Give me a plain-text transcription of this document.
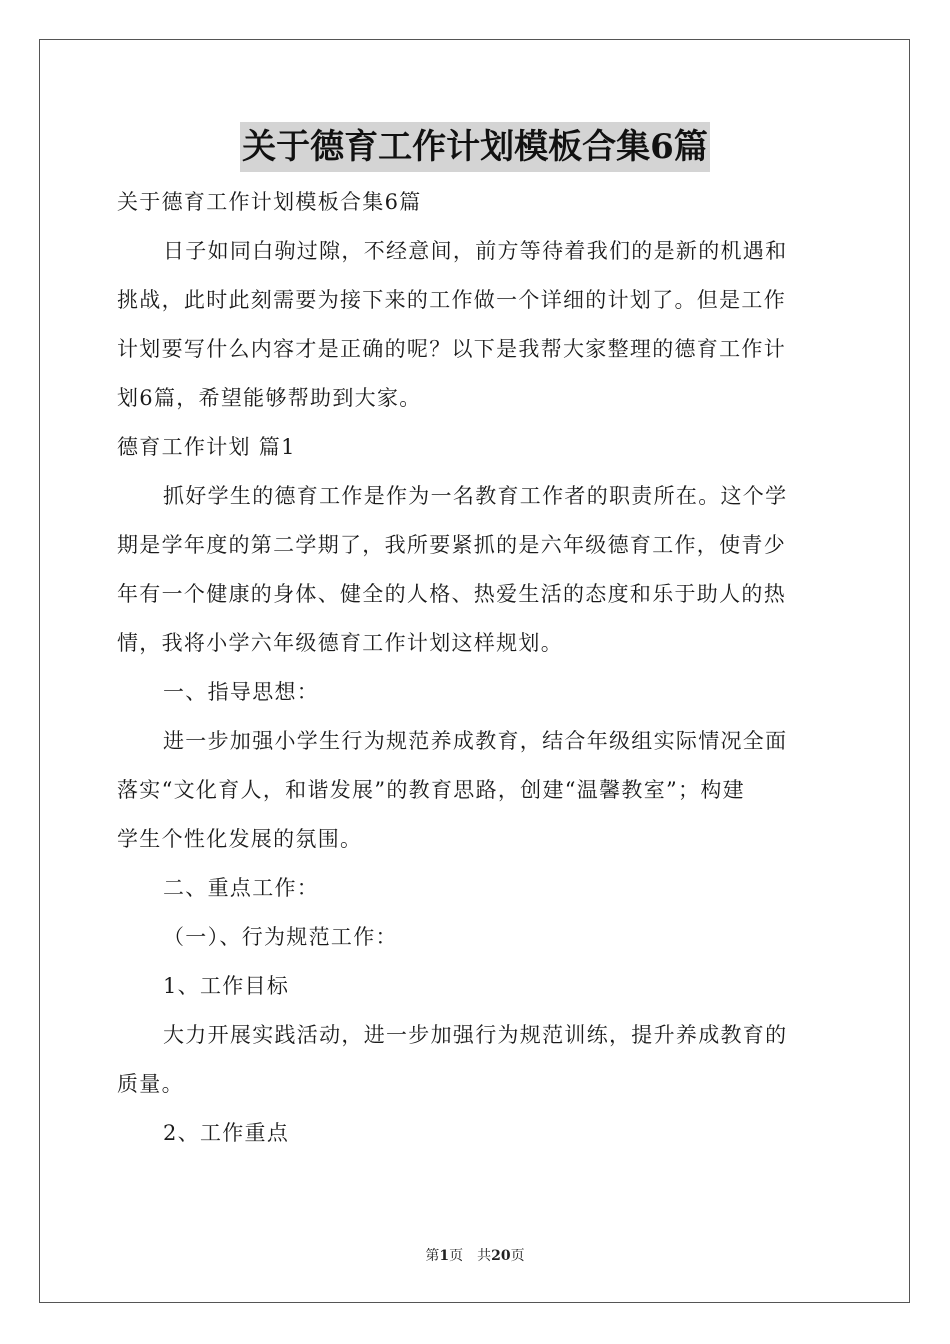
关于德育工作计划模板合集6篇
关于德育工作计划模板合集6篇
日子如同白驹过隙，不经意间，前方等待着我们的是新的机遇和
挑战，此时此刻需要为接下来的工作做一个详细的计划了。但是工作
计划要写什么内容才是正确的呢？以下是我帮大家整理的德育工作计
划6篇，希望能够帮助到大家。
德育工作计划 篇1
抓好学生的德育工作是作为一名教育工作者的职责所在。这个学
期是学年度的第二学期了，我所要紧抓的是六年级德育工作，使青少
年有一个健康的身体、健全的人格、热爱生活的态度和乐于助人的热
情，我将小学六年级德育工作计划这样规划。
一、指导思想：
进一步加强小学生行为规范养成教育，结合年级组实际情况全面
落实“文化育人，和谐发展”的教育思路，创建“温馨教室”；构建
学生个性化发展的氛围。
二、重点工作：
（一）、行为规范工作：
1、工作目标
大力开展实践活动，进一步加强行为规范训练，提升养成教育的
质量。
2、工作重点
第1页　共20页
